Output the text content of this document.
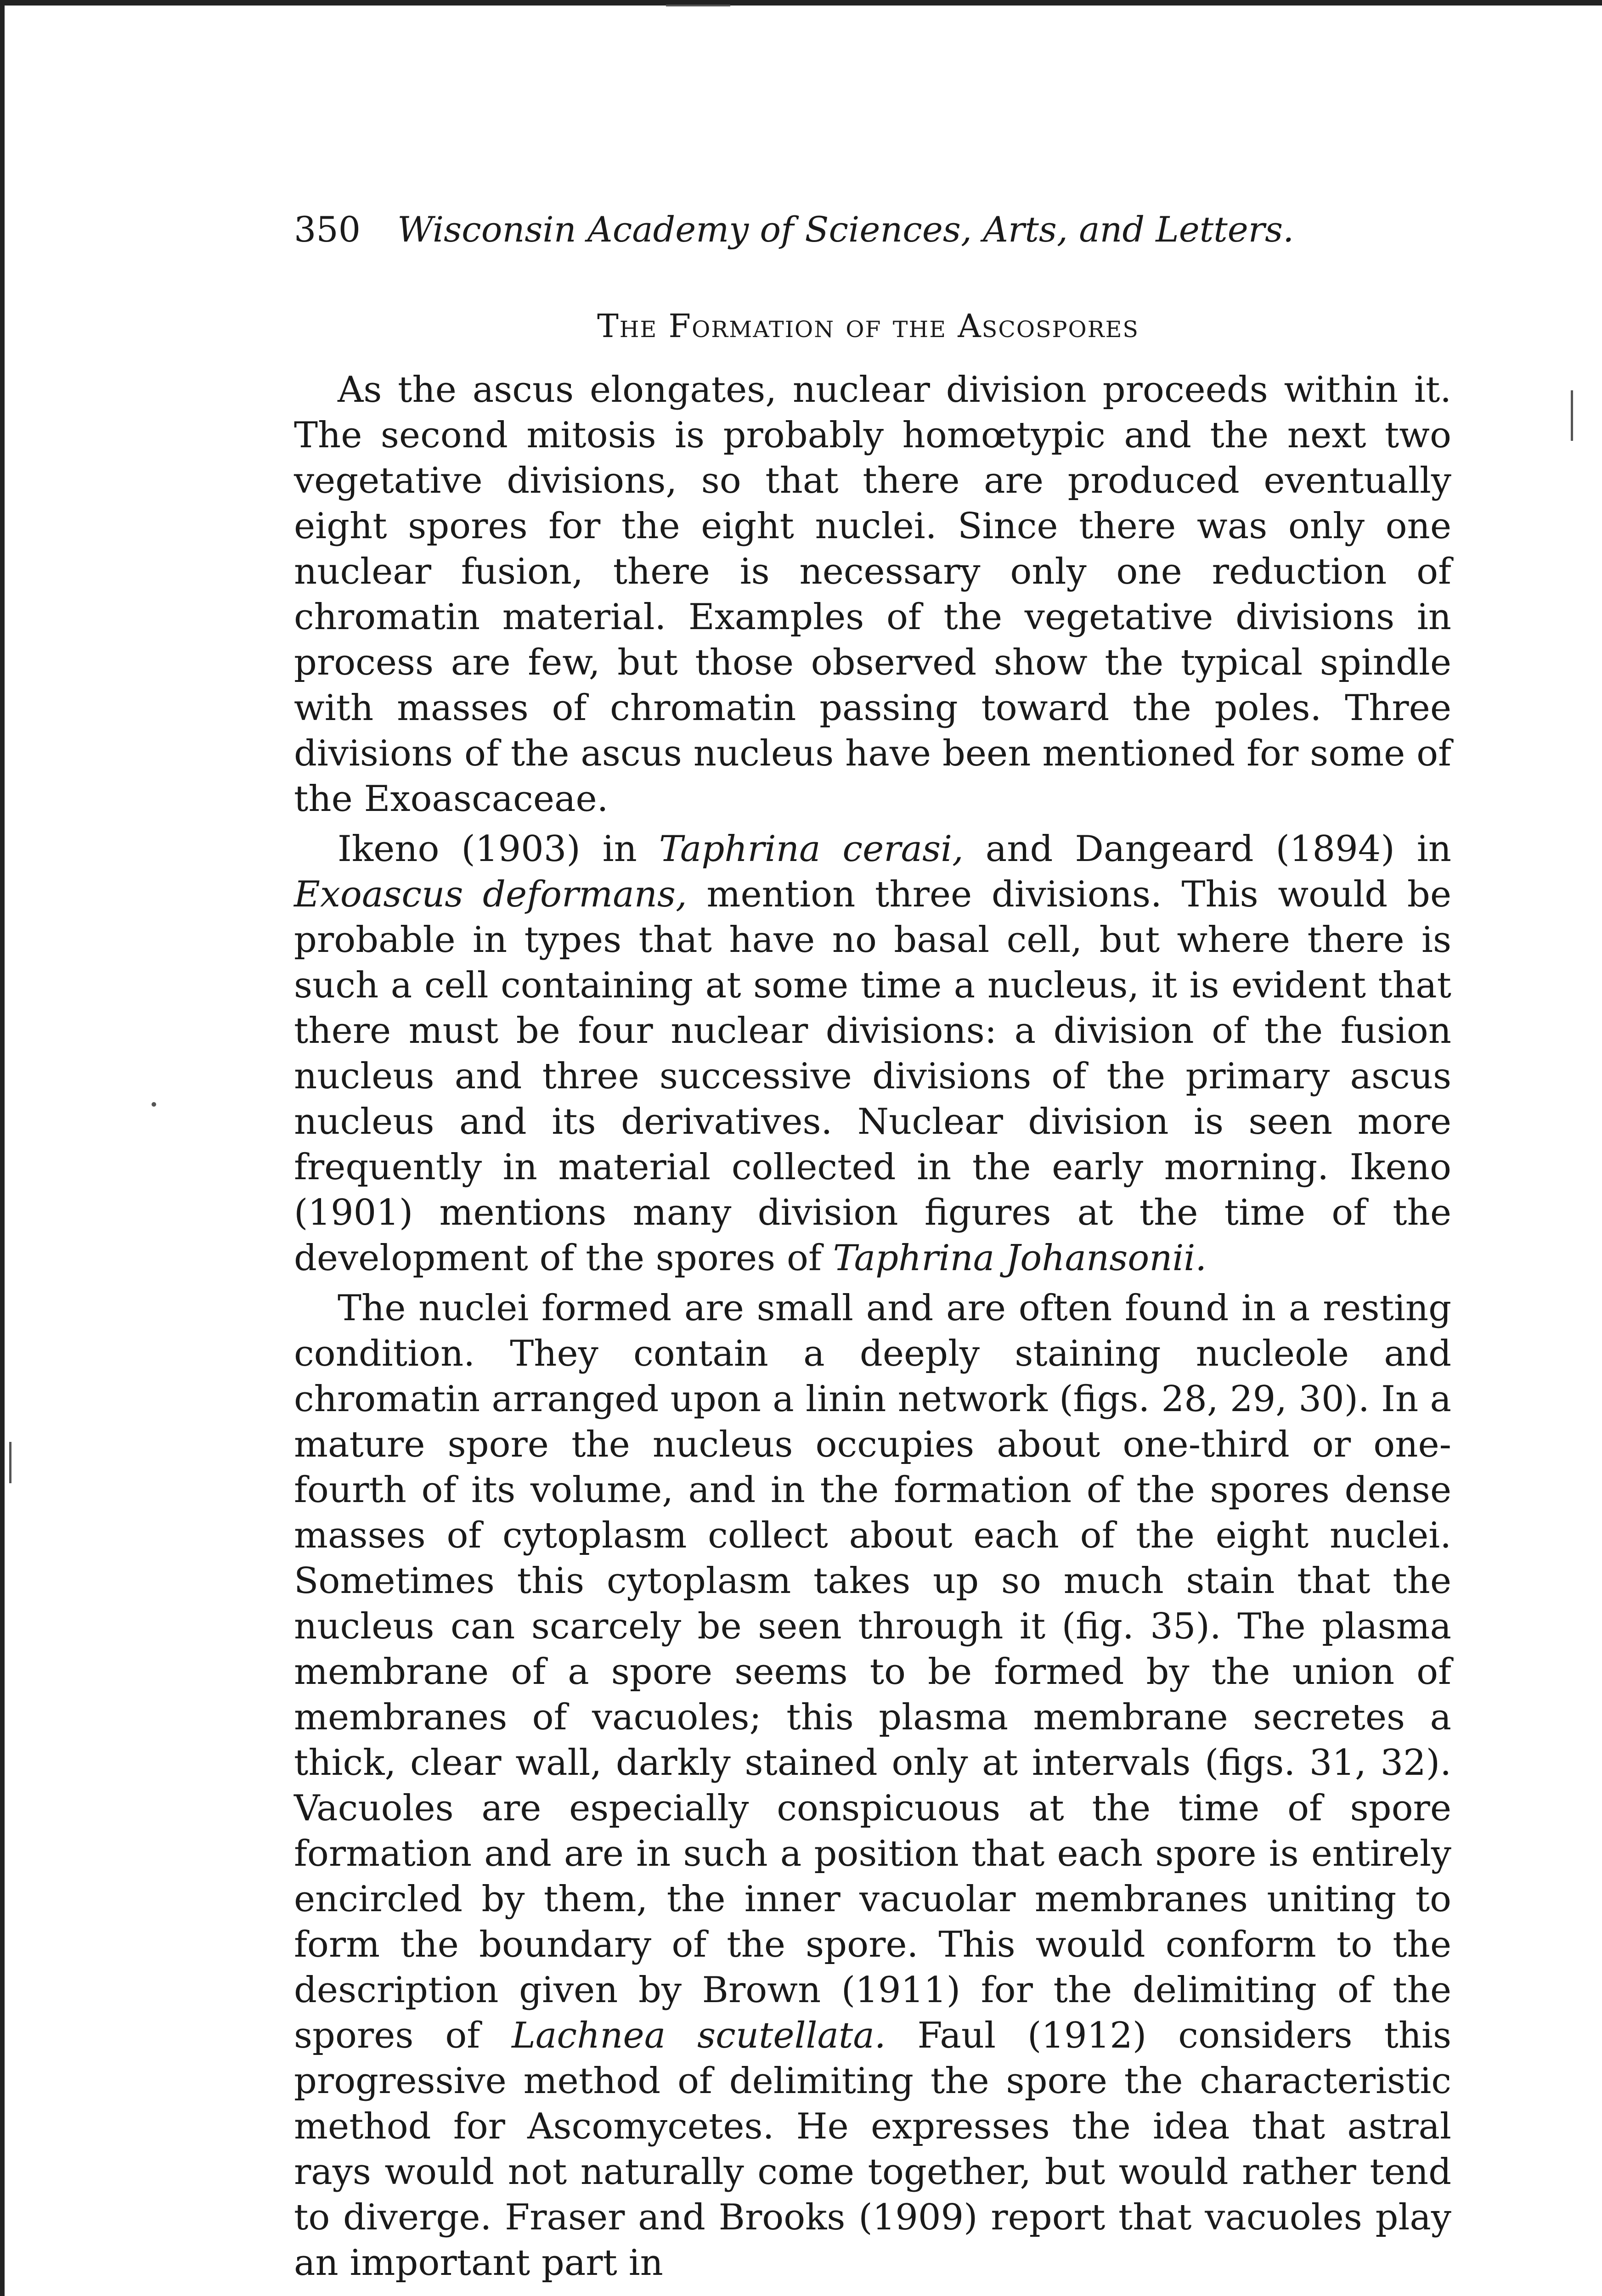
350 Wisconsin Academy of Sciences, Arts, and Letters.
The Formation of the Ascospores

As the ascus elongates, nuclear division proceeds within it. The second mitosis is probably homœtypic and the next two vegetative divisions, so that there are produced eventually eight spores for the eight nuclei. Since there was only one nuclear fusion, there is necessary only one reduction of chromatin material. Examples of the vegetative divisions in process are few, but those observed show the typical spindle with masses of chromatin passing toward the poles. Three divisions of the ascus nucleus have been mentioned for some of the Exoascaceae.

Ikeno (1903) in Taphrina cerasi, and Dangeard (1894) in Exoascus deformans, mention three divisions. This would be probable in types that have no basal cell, but where there is such a cell containing at some time a nucleus, it is evident that there must be four nuclear divisions: a division of the fusion nucleus and three successive divisions of the primary ascus nucleus and its derivatives. Nuclear division is seen more frequently in material collected in the early morning. Ikeno (1901) mentions many division figures at the time of the development of the spores of Taphrina Johansonii.

The nuclei formed are small and are often found in a resting condition. They contain a deeply staining nucleole and chromatin arranged upon a linin network (figs. 28, 29, 30). In a mature spore the nucleus occupies about one-third or one-fourth of its volume, and in the formation of the spores dense masses of cytoplasm collect about each of the eight nuclei. Sometimes this cytoplasm takes up so much stain that the nucleus can scarcely be seen through it (fig. 35). The plasma membrane of a spore seems to be formed by the union of membranes of vacuoles; this plasma membrane secretes a thick, clear wall, darkly stained only at intervals (figs. 31, 32). Vacuoles are especially conspicuous at the time of spore formation and are in such a position that each spore is entirely encircled by them, the inner vacuolar membranes uniting to form the boundary of the spore. This would conform to the description given by Brown (1911) for the delimiting of the spores of Lachnea scutellata. Faul (1912) considers this progressive method of delimiting the spore the characteristic method for Ascomycetes. He expresses the idea that astral rays would not naturally come together, but would rather tend to diverge. Fraser and Brooks (1909) report that vacuoles play an important part in
